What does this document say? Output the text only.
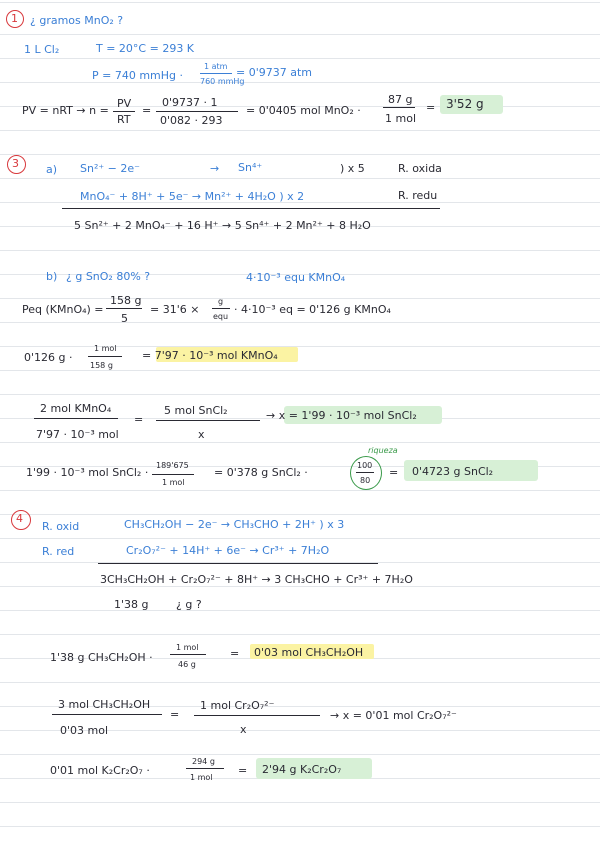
1 ¿ gramos MnO₂ ?
1 L Cl₂	T = 20°C = 293 K
P = 740 mmHg ·
1 atm
760 mmHg
= 0'9737 atm
PV = nRT → n =
PV
RT
=
0'9737 · 1
0'082 · 293
= 0'0405 mol MnO₂ ·
87 g
1 mol
= 3'52 g
3 a) Sn²⁺ − 2e⁻	→ Sn⁴⁺	) x 5	R. oxida
MnO₄⁻ + 8H⁺ + 5e⁻ → Mn²⁺ + 4H₂O ) x 2	R. redu
5 Sn²⁺ + 2 MnO₄⁻ + 16 H⁺ → 5 Sn⁴⁺ + 2 Mn²⁺ + 8 H₂O
b) ¿ g SnO₂ 80% ?	4·10⁻³ equ KMnO₄
Peq (KMnO₄) =
158 g
5
= 31'6 ×
g
equ
· 4·10⁻³ eq = 0'126 g KMnO₄
0'126 g ·
1 mol
158 g
= 7'97 · 10⁻³ mol KMnO₄
2 mol KMnO₄
7'97 · 10⁻³ mol
=
5 mol SnCl₂
x
→ x = 1'99 · 10⁻³ mol SnCl₂
1'99 · 10⁻³ mol SnCl₂ ·
189'675
1 mol
= 0'378 g SnCl₂ ·
riqueza
100
80
= 0'4723 g SnCl₂
4
R. oxid	CH₃CH₂OH − 2e⁻ → CH₃CHO + 2H⁺ ) x 3
R. red	Cr₂O₇²⁻ + 14H⁺ + 6e⁻ → Cr³⁺ + 7H₂O
3CH₃CH₂OH + Cr₂O₇²⁻ + 8H⁺ → 3 CH₃CHO + Cr³⁺ + 7H₂O
1'38 g	¿ g ?
1'38 g CH₃CH₂OH ·
1 mol
46 g
= 0'03 mol CH₃CH₂OH
3 mol CH₃CH₂OH
0'03 mol
=
1 mol Cr₂O₇²⁻
x
→ x = 0'01 mol Cr₂O₇²⁻
0'01 mol K₂Cr₂O₇ ·
294 g
1 mol
= 2'94 g K₂Cr₂O₇
